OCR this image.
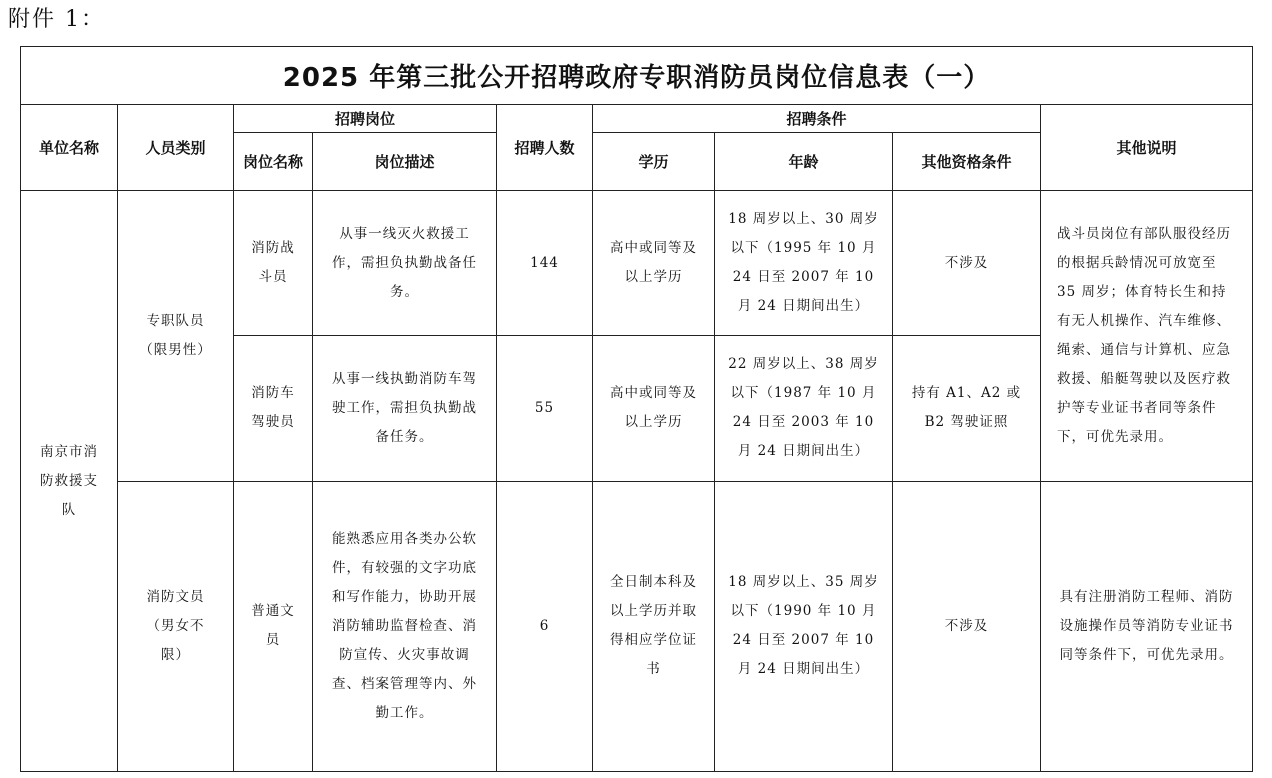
附件 1：
2025 年第三批公开招聘政府专职消防员岗位信息表（一）								
单位名称	人员类别	招聘岗位		招聘人数	招聘条件			其他说明
		岗位名称	岗位描述		学历	年龄	其他资格条件	
南京市消防救援支队	专职队员（限男性）	消防战斗员	从事一线灭火救援工作，需担负执勤战备任务。	144	高中或同等及以上学历	18 周岁以上、30 周岁以下（1995 年 10 月 24 日至 2007 年 10 月 24 日期间出生）	不涉及	战斗员岗位有部队服役经历的根据兵龄情况可放宽至 35 周岁；体育特长生和持有无人机操作、汽车维修、绳索、通信与计算机、应急救援、船艇驾驶以及医疗救护等专业证书者同等条件下，可优先录用。
		消防车驾驶员	从事一线执勤消防车驾驶工作，需担负执勤战备任务。	55	高中或同等及以上学历	22 周岁以上、38 周岁以下（1987 年 10 月 24 日至 2003 年 10 月 24 日期间出生）	持有 A1、A2 或 B2 驾驶证照	
	消防文员（男女不限）	普通文员	能熟悉应用各类办公软件，有较强的文字功底和写作能力，协助开展消防辅助监督检查、消防宣传、火灾事故调查、档案管理等内、外勤工作。	6	全日制本科及以上学历并取得相应学位证书	18 周岁以上、35 周岁以下（1990 年 10 月 24 日至 2007 年 10 月 24 日期间出生）	不涉及	具有注册消防工程师、消防设施操作员等消防专业证书同等条件下，可优先录用。
